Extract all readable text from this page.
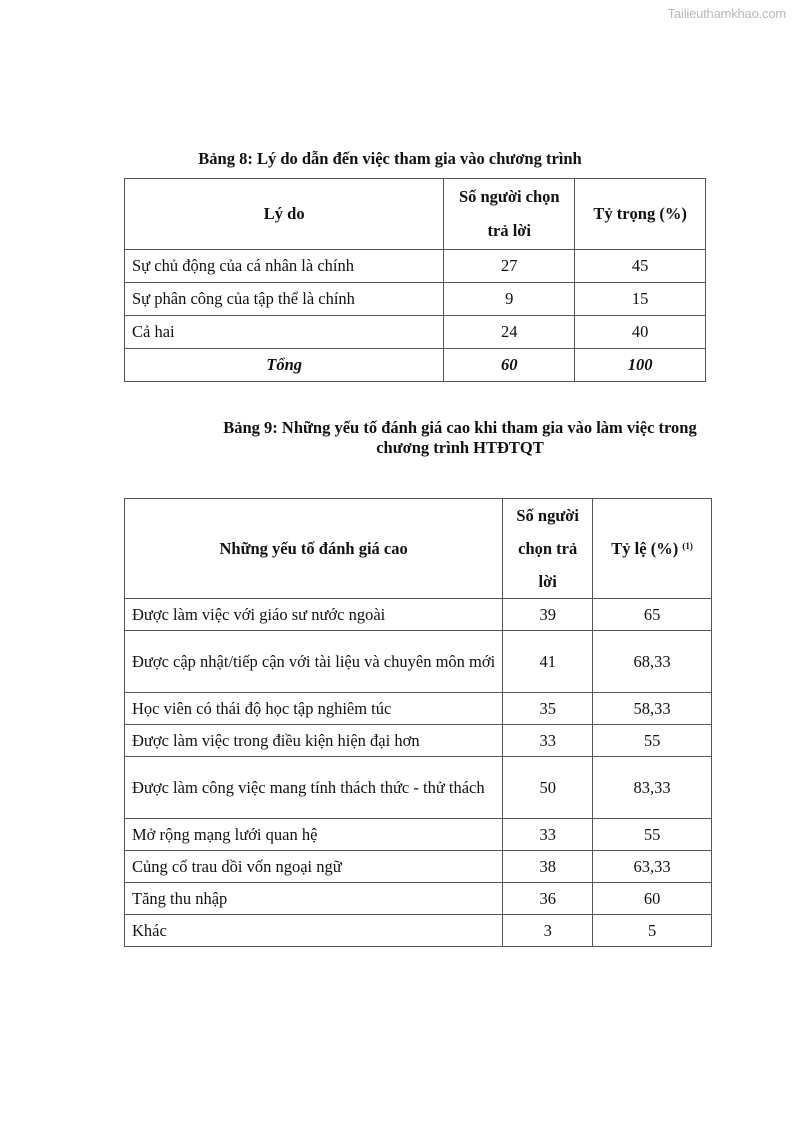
Tailieuthamkhao.com
Bảng 8: Lý do dẫn đến việc tham gia vào chương trình
Lý do	Số người chọn trả lời	Tỷ trọng (%)
Sự chủ động của cá nhân là chính	27	45
Sự phân công của tập thể là chính	9	15
Cả hai	24	40
Tổng	60	100
Bảng 9: Những yếu tố đánh giá cao khi tham gia vào làm việc trong
chương trình HTĐTQT
Những yếu tố đánh giá cao	Số người chọn trả lời	Tỷ lệ (%) $^{(1)}$
Được làm việc với giáo sư nước ngoài	39	65
Được cập nhật/tiếp cận với tài liệu và chuyên môn mới	41	68,33
Học viên có thái độ học tập nghiêm túc	35	58,33
Được làm việc trong điều kiện hiện đại hơn	33	55
Được làm công việc mang tính thách thức - thử thách	50	83,33
Mở rộng mạng lưới quan hệ	33	55
Củng cố trau dồi vốn ngoại ngữ	38	63,33
Tăng thu nhập	36	60
Khác	3	5
